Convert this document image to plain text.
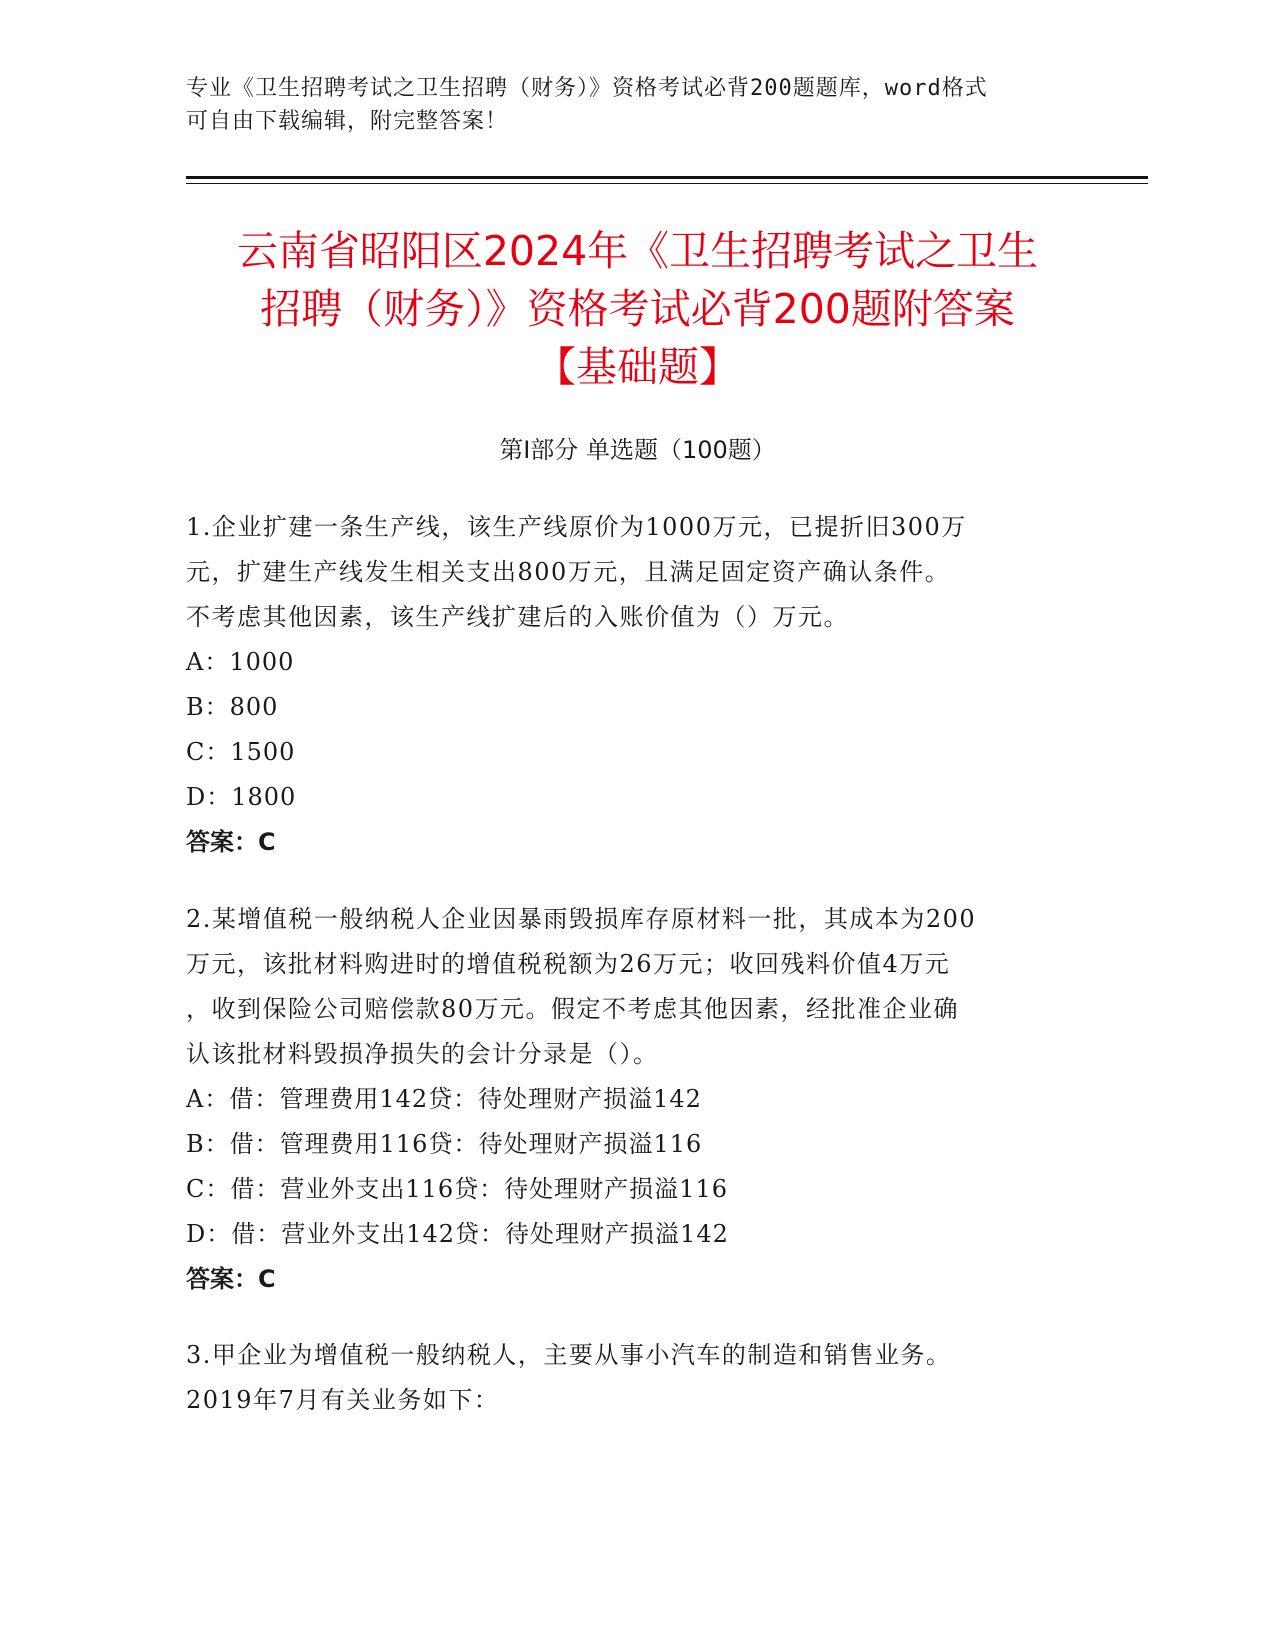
专业《卫生招聘考试之卫生招聘（财务）》资格考试必背200题题库，word格式
可自由下载编辑，附完整答案！
云南省昭阳区2024年《卫生招聘考试之卫生
招聘（财务）》资格考试必背200题附答案
【基础题】
第Ⅰ部分 单选题（100题）
1.企业扩建一条生产线，该生产线原价为1000万元，已提折旧300万
元，扩建生产线发生相关支出800万元，且满足固定资产确认条件。
不考虑其他因素，该生产线扩建后的入账价值为（）万元。
A：1000
B：800
C：1500
D：1800
答案：C
2.某增值税一般纳税人企业因暴雨毁损库存原材料一批，其成本为200
万元，该批材料购进时的增值税税额为26万元；收回残料价值4万元
，收到保险公司赔偿款80万元。假定不考虑其他因素，经批准企业确
认该批材料毁损净损失的会计分录是（）。
A：借：管理费用142贷：待处理财产损溢142
B：借：管理费用116贷：待处理财产损溢116
C：借：营业外支出116贷：待处理财产损溢116
D：借：营业外支出142贷：待处理财产损溢142
答案：C
3.甲企业为增值税一般纳税人，主要从事小汽车的制造和销售业务。
2019年7月有关业务如下：
